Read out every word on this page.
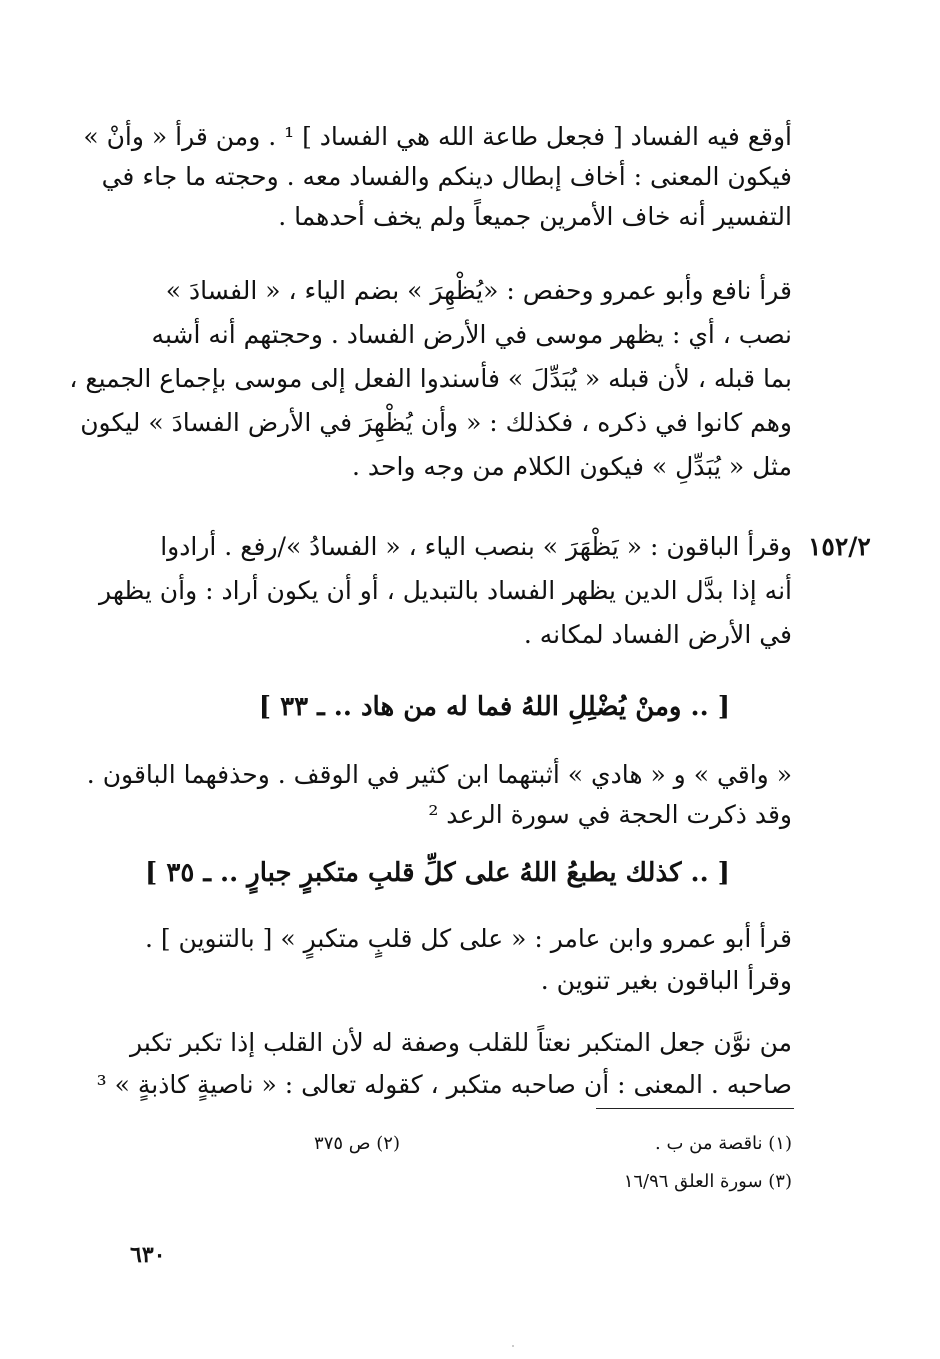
أوقع فيه الفساد [ فجعل طاعة الله هي الفساد ] ¹ . ومن قرأ « وأنْ »
فيكون المعنى : أخاف إبطال دينكم والفساد معه . وحجته ما جاء في
التفسير أنه خاف الأمرين جميعاً ولم يخف أحدهما .
قرأ نافع وأبو عمرو وحفص : «يُظْهِرَ » بضم الياء ، « الفسادَ »
نصب ، أي : يظهر موسى في الأرض الفساد . وحجتهم أنه أشبه
بما قبله ، لأن قبله « يُبَدِّلَ » فأسندوا الفعل إلى موسى بإجماع الجميع ،
وهم كانوا في ذكره ، فكذلك : « وأن يُظْهِرَ في الأرض الفسادَ » ليكون
مثل « يُبَدِّلِ » فيكون الكلام من وجه واحد .
١٥٢/٢
وقرأ الباقون : « يَظْهَرَ » بنصب الياء ، « الفسادُ »/رفع . أرادوا
أنه إذا بدَّل الدين يظهر الفساد بالتبديل ، أو أن يكون أراد : وأن يظهر
في الأرض الفساد لمكانه .
[ .. ومنْ يُضْلِلِ اللهُ فما له من هاد .. ـ ٣٣ ]
« واقي » و « هادي » أثبتهما ابن كثير في الوقف . وحذفهما الباقون .
وقد ذكرت الحجة في سورة الرعد ²
[ .. كذلك يطبعُ اللهُ على كلِّ قلبِ متكبرٍ جبارٍ .. ـ ٣٥ ]
قرأ أبو عمرو وابن عامر : « على كل قلبٍ متكبرٍ » [ بالتنوين ] .
وقرأ الباقون بغير تنوين .
من نوَّن جعل المتكبر نعتاً للقلب وصفة له لأن القلب إذا تكبر تكبر
صاحبه . المعنى : أن صاحبه متكبر ، كقوله تعالى : « ناصيةٍ كاذبةٍ » ³
(١) ناقصة من ب .
(٢) ص ٣٧٥
(٣) سورة العلق ١٦/٩٦
٦٣٠
